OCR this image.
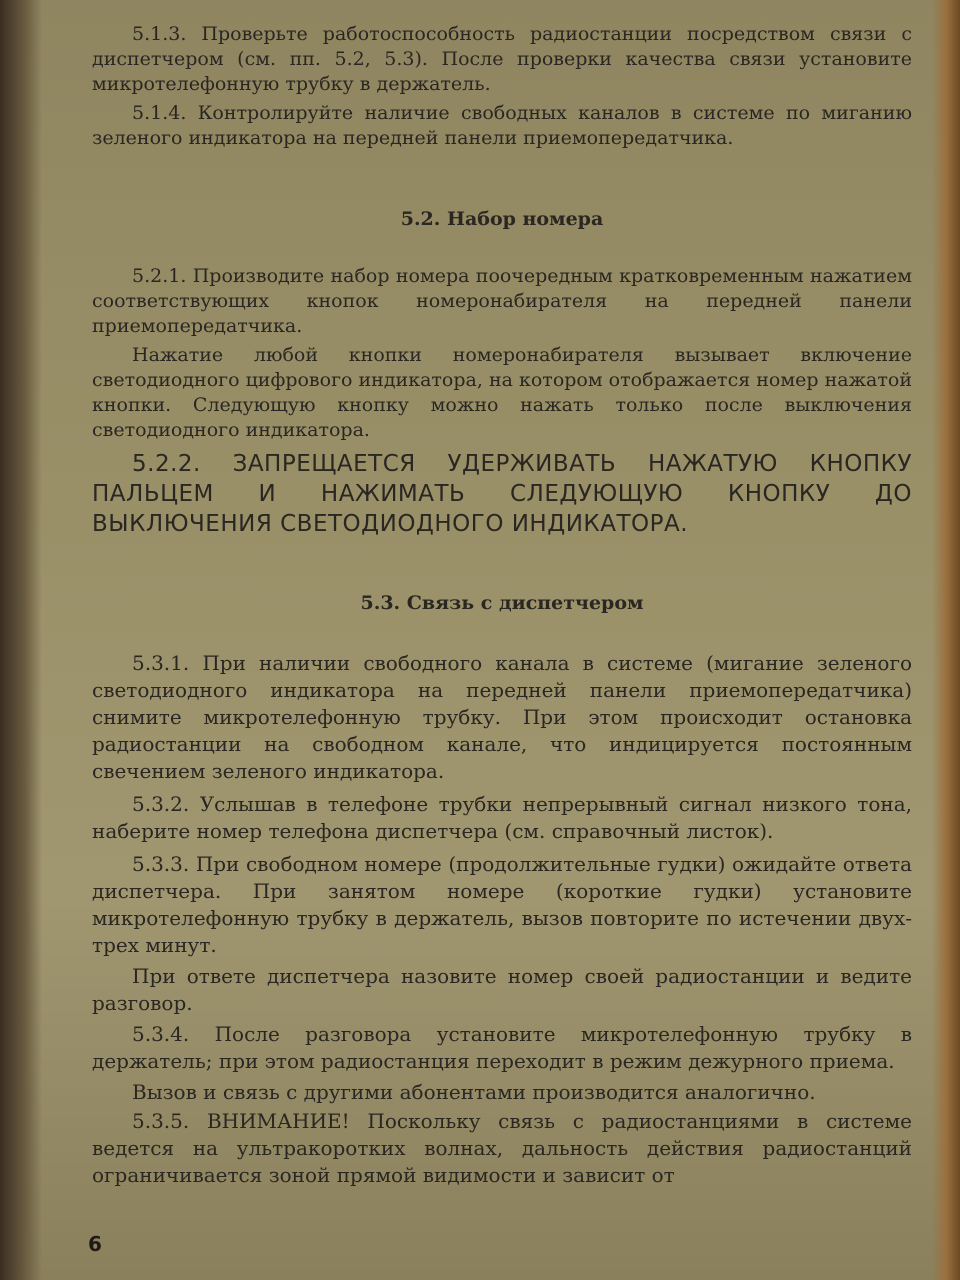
5.1.3. Проверьте работоспособность радиостанции посредством связи с диспетчером (см. пп. 5.2, 5.3). После проверки качества связи установите микротелефонную трубку в держатель.

5.1.4. Контролируйте наличие свободных каналов в системе по миганию зеленого индикатора на передней панели приемопередатчика.

5.2. Набор номера

5.2.1. Производите набор номера поочередным кратковременным нажатием соответствующих кнопок номеронабирателя на передней панели приемопередатчика.

Нажатие любой кнопки номеронабирателя вызывает включение светодиодного цифрового индикатора, на котором отображается номер нажатой кнопки. Следующую кнопку можно нажать только после выключения светодиодного индикатора.

5.2.2. ЗАПРЕЩАЕТСЯ УДЕРЖИВАТЬ НАЖАТУЮ КНОПКУ ПАЛЬЦЕМ И НАЖИМАТЬ СЛЕДУЮЩУЮ КНОПКУ ДО ВЫКЛЮЧЕНИЯ СВЕТОДИОДНОГО ИНДИКАТОРА.

5.3. Связь с диспетчером

5.3.1. При наличии свободного канала в системе (мигание зеленого светодиодного индикатора на передней панели приемопередатчика) снимите микротелефонную трубку. При этом происходит остановка радиостанции на свободном канале, что индицируется постоянным свечением зеленого индикатора.

5.3.2. Услышав в телефоне трубки непрерывный сигнал низкого тона, наберите номер телефона диспетчера (см. справочный листок).

5.3.3. При свободном номере (продолжительные гудки) ожидайте ответа диспетчера. При занятом номере (короткие гудки) установите микротелефонную трубку в держатель, вызов повторите по истечении двух-трех минут.

При ответе диспетчера назовите номер своей радиостанции и ведите разговор.

5.3.4. После разговора установите микротелефонную трубку в держатель; при этом радиостанция переходит в режим дежурного приема.

Вызов и связь с другими абонентами производится аналогично.

5.3.5. ВНИМАНИЕ! Поскольку связь с радиостанциями в системе ведется на ультракоротких волнах, дальность действия радиостанций ограничивается зоной прямой видимости и зависит от

6
